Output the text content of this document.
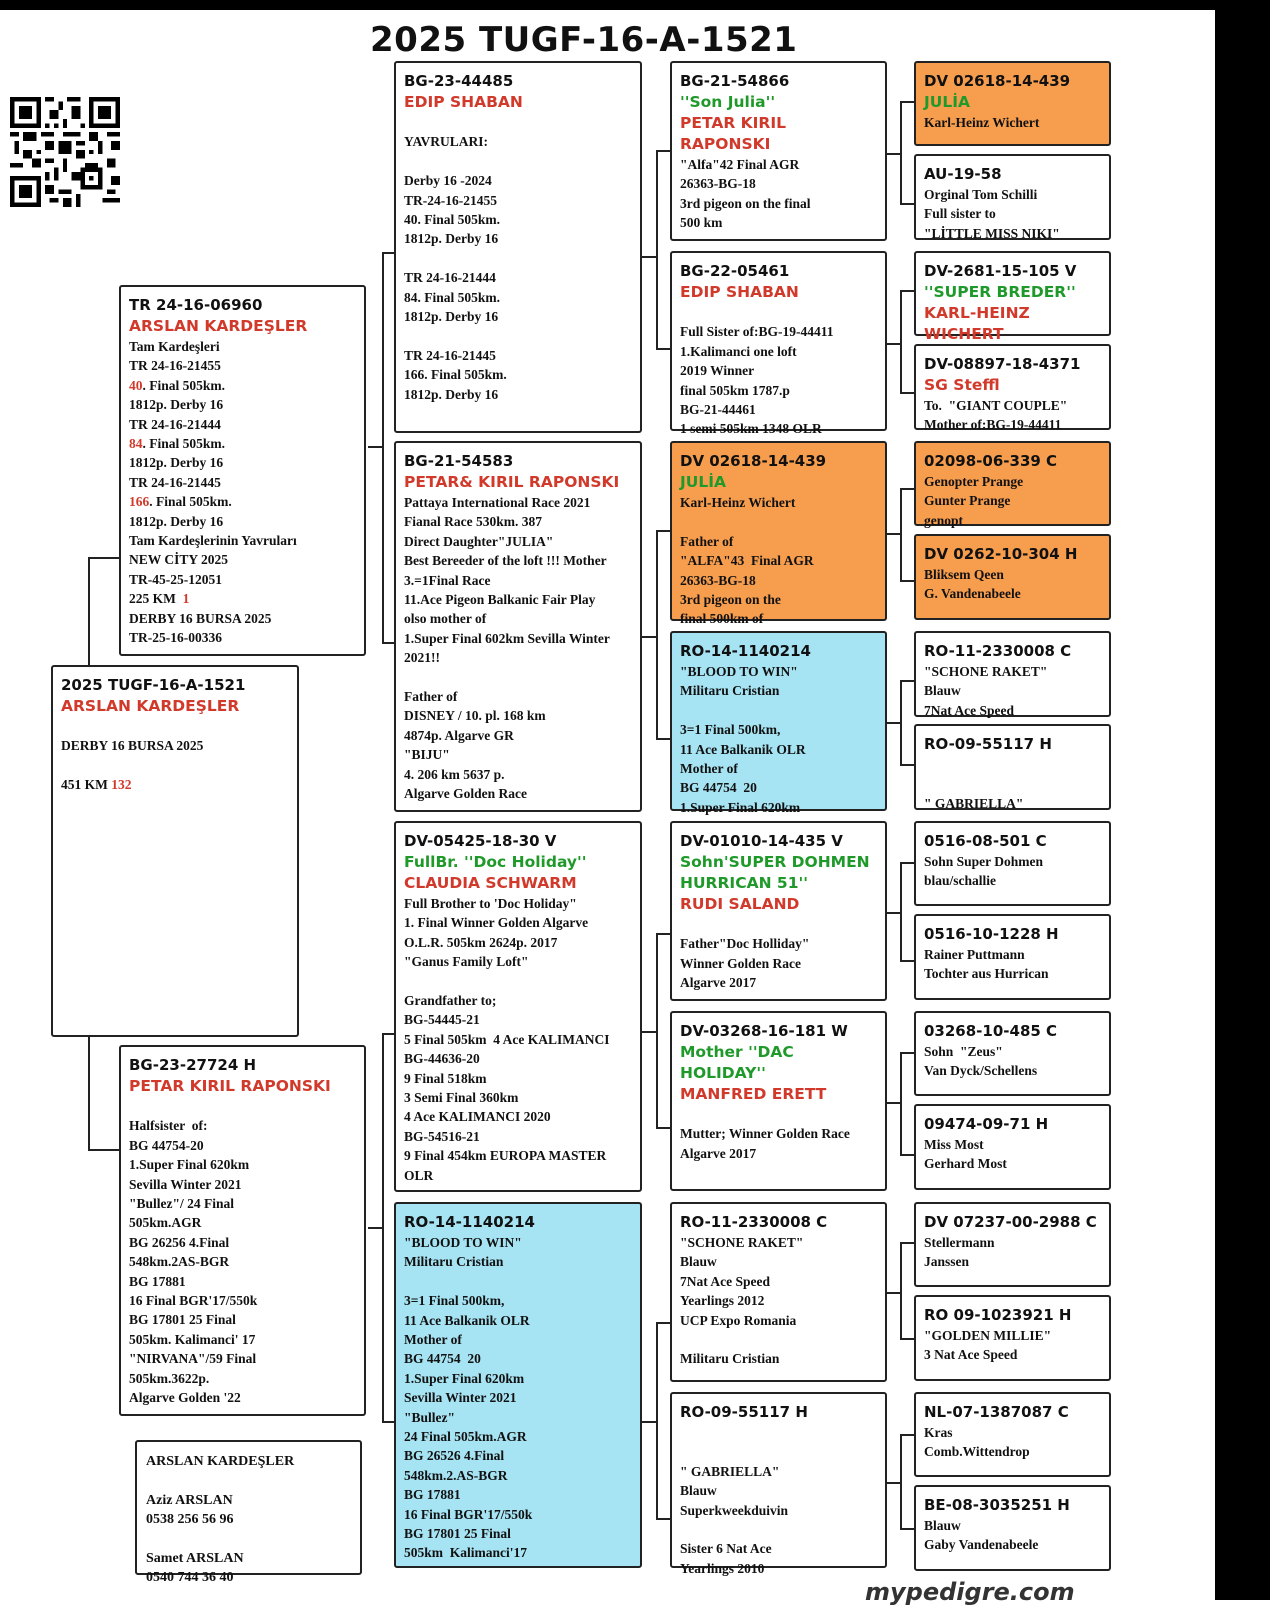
2025 TUGF-16-A-1521
2025 TUGF-16-A-1521
ARSLAN KARDEŞLER
DERBY 16 BURSA 2025
451 KM 132
ARSLAN KARDEŞLER
Aziz ARSLAN
0538 256 56 96
Samet ARSLAN
0540 744 36 40
TR 24-16-06960
ARSLAN KARDEŞLER
Tam Kardeşleri
TR 24-16-21455
40. Final 505km.
1812p. Derby 16
TR 24-16-21444
84. Final 505km.
1812p. Derby 16
TR 24-16-21445
166. Final 505km.
1812p. Derby 16
Tam Kardeşlerinin Yavruları
NEW CİTY 2025
TR-45-25-12051
225 KM  1
DERBY 16 BURSA 2025
TR-25-16-00336
BG-23-27724 H
PETAR KIRIL RAPONSKI
Halfsister  of:
BG 44754-20
1.Super Final 620km
Sevilla Winter 2021
"Bullez"/ 24 Final
505km.AGR
BG 26256 4.Final
548km.2AS-BGR
BG 17881
16 Final BGR'17/550k
BG 17801 25 Final
505km. Kalimanci' 17
"NIRVANA"/59 Final
505km.3622p.
Algarve Golden '22
BG-23-44485
EDIP SHABAN
YAVRULARI:
Derby 16 -2024
TR-24-16-21455
40. Final 505km.
1812p. Derby 16
TR 24-16-21444
84. Final 505km.
1812p. Derby 16
TR 24-16-21445
166. Final 505km.
1812p. Derby 16
BG-21-54583
PETAR& KIRIL RAPONSKI
Pattaya International Race 2021
Fianal Race 530km. 387
Direct Daughter"JULIA"
Best Bereeder of the loft !!! Mother
3.=1Final Race
11.Ace Pigeon Balkanic Fair Play
olso mother of
1.Super Final 602km Sevilla Winter
2021!!
Father of
DISNEY / 10. pl. 168 km
4874p. Algarve GR
"BIJU"
4. 206 km 5637 p.
Algarve Golden Race
DV-05425-18-30 V
FullBr. ''Doc Holiday''
CLAUDIA SCHWARM
Full Brother to 'Doc Holiday"
1. Final Winner Golden Algarve
O.L.R. 505km 2624p. 2017
"Ganus Family Loft"
Grandfather to;
BG-54445-21
5 Final 505km  4 Ace KALIMANCI
BG-44636-20
9 Final 518km
3 Semi Final 360km
4 Ace KALIMANCI 2020
BG-54516-21
9 Final 454km EUROPA MASTER
OLR
RO-14-1140214
"BLOOD TO WIN"
Militaru Cristian
3=1 Final 500km,
11 Ace Balkanik OLR
Mother of
BG 44754  20
1.Super Final 620km
Sevilla Winter 2021
"Bullez"
24 Final 505km.AGR
BG 26526 4.Final
548km.2.AS-BGR
BG 17881
16 Final BGR'17/550k
BG 17801 25 Final
505km  Kalimanci'17
BG-21-54866
''Son Julia''
PETAR KIRIL RAPONSKI
"Alfa"42 Final AGR
26363-BG-18
3rd pigeon on the final
500 km
BG-22-05461
EDIP SHABAN
Full Sister of:BG-19-44411
1.Kalimanci one loft
2019 Winner
final 505km 1787.p
BG-21-44461
1 semi 505km 1348 OLR
DV 02618-14-439
JULİA
Karl-Heinz Wichert
Father of
"ALFA"43  Final AGR
26363-BG-18
3rd pigeon on the
final 500km of
RO-14-1140214
"BLOOD TO WIN"
Militaru Cristian
3=1 Final 500km,
11 Ace Balkanik OLR
Mother of
BG 44754  20
1.Super Final 620km
DV-01010-14-435 V
Sohn'SUPER DOHMEN HURRICAN 51''
RUDI SALAND
Father"Doc Holliday"
Winner Golden Race
Algarve 2017
DV-03268-16-181 W
Mother ''DAC HOLIDAY''
MANFRED ERETT
Mutter; Winner Golden Race
Algarve 2017
RO-11-2330008 C
"SCHONE RAKET"
Blauw
7Nat Ace Speed
Yearlings 2012
UCP Expo Romania
Militaru Cristian
RO-09-55117 H
" GABRIELLA"
Blauw
Superkweekduivin
Sister 6 Nat Ace
Yearlings 2010
DV 02618-14-439
JULİA
Karl-Heinz Wichert
AU-19-58
Orginal Tom Schilli
Full sister to
"LİTTLE MISS NIKI"
DV-2681-15-105 V
''SUPER BREDER''
KARL-HEINZ WICHERT
DV-08897-18-4371
SG Steffl
To.  "GIANT COUPLE"
Mother of:BG-19-44411
02098-06-339 C
Genopter Prange
Gunter Prange
genopt
DV 0262-10-304 H
Bliksem Qeen
G. Vandenabeele
RO-11-2330008 C
"SCHONE RAKET"
Blauw
7Nat Ace Speed
RO-09-55117 H
" GABRIELLA"
0516-08-501 C
Sohn Super Dohmen
blau/schallie
0516-10-1228 H
Rainer Puttmann
Tochter aus Hurrican
03268-10-485 C
Sohn  "Zeus"
Van Dyck/Schellens
09474-09-71 H
Miss Most
Gerhard Most
DV 07237-00-2988 C
Stellermann
Janssen
RO 09-1023921 H
"GOLDEN MILLIE"
3 Nat Ace Speed
NL-07-1387087 C
Kras
Comb.Wittendrop
BE-08-3035251 H
Blauw
Gaby Vandenabeele
mypedigre.com
